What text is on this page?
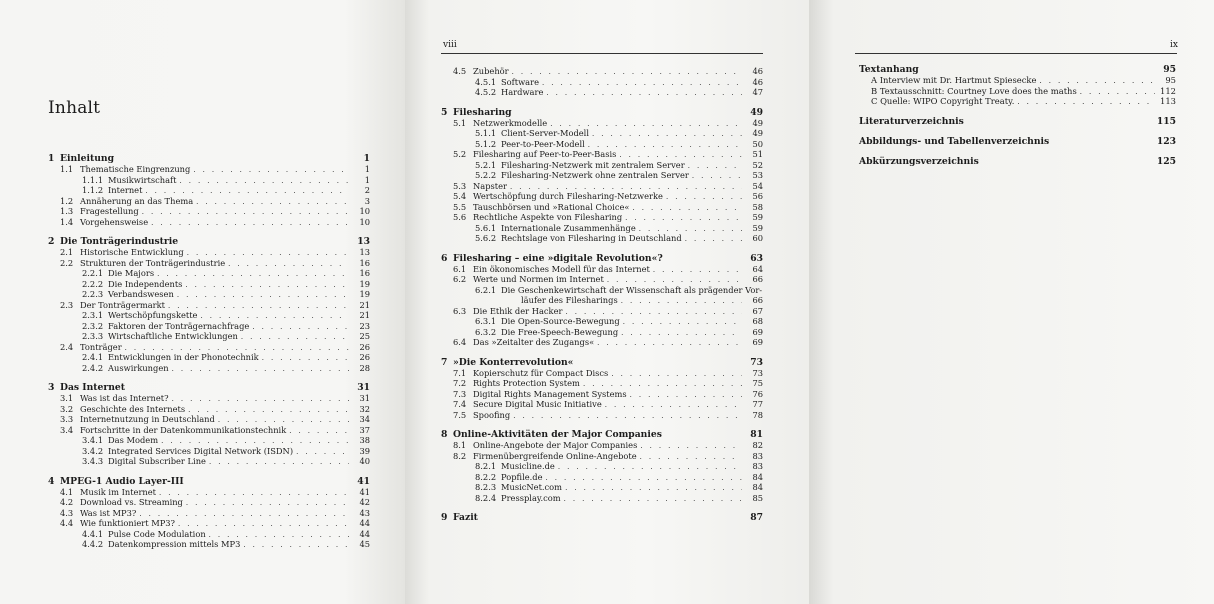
Inhalt
1 Einleitung	1
1.1 Thematische Eingrenzung . . .	1
1.1.1 Musikwirtschaft . . .	1
1.1.2 Internet . . .	2
1.2 Annäherung an das Thema . . .	3
1.3 Fragestellung . . .	10
1.4 Vorgehensweise . . .	10
2 Die Tonträgerindustrie	13
2.1 Historische Entwicklung . . .	13
2.2 Strukturen der Tonträgerindustrie . . .	16
2.2.1 Die Majors . . .	16
2.2.2 Die Independents . . .	19
2.2.3 Verbandswesen . . .	19
2.3 Der Tonträgermarkt . . .	21
2.3.1 Wertschöpfungskette . . .	21
2.3.2 Faktoren der Tonträgernachfrage . . .	23
2.3.3 Wirtschaftliche Entwicklungen . . .	25
2.4 Tonträger . . .	26
2.4.1 Entwicklungen in der Phonotechnik . . .	26
2.4.2 Auswirkungen . . .	28
3 Das Internet	31
3.1 Was ist das Internet? . . .	31
3.2 Geschichte des Internets . . .	32
3.3 Internetnutzung in Deutschland . . .	34
3.4 Fortschritte in der Datenkommunikationstechnik . . .	37
3.4.1 Das Modem . . .	38
3.4.2 Integrated Services Digital Network (ISDN) . . .	39
3.4.3 Digital Subscriber Line . . .	40
4 MPEG-1 Audio Layer-III	41
4.1 Musik im Internet . . .	41
4.2 Download vs. Streaming . . .	42
4.3 Was ist MP3? . . .	43
4.4 Wie funktioniert MP3? . . .	44
4.4.1 Pulse Code Modulation . . .	44
4.4.2 Datenkompression mittels MP3 . . .	45
viii
4.5 Zubehör . . .	46
4.5.1 Software . . .	46
4.5.2 Hardware . . .	47
5 Filesharing	49
5.1 Netzwerkmodelle . . .	49
5.1.1 Client-Server-Modell . . .	49
5.1.2 Peer-to-Peer-Modell . . .	50
5.2 Filesharing auf Peer-to-Peer-Basis . . .	51
5.2.1 Filesharing-Netzwerk mit zentralem Server . . .	52
5.2.2 Filesharing-Netzwerk ohne zentralen Server . . .	53
5.3 Napster . . .	54
5.4 Wertschöpfung durch Filesharing-Netzwerke . . .	56
5.5 Tauschbörsen und »Rational Choice« . . .	58
5.6 Rechtliche Aspekte von Filesharing . . .	59
5.6.1 Internationale Zusammenhänge . . .	59
5.6.2 Rechtslage von Filesharing in Deutschland . . .	60
6 Filesharing – eine »digitale Revolution«?	63
6.1 Ein ökonomisches Modell für das Internet . . .	64
6.2 Werte und Normen im Internet . . .	66
6.2.1 Die Geschenkewirtschaft der Wissenschaft als prägender Vor-
läufer des Filesharings . . .	66
6.3 Die Ethik der Hacker . . .	67
6.3.1 Die Open-Source-Bewegung . . .	68
6.3.2 Die Free-Speech-Bewegung . . .	69
6.4 Das »Zeitalter des Zugangs« . . .	69
7 »Die Konterrevolution«	73
7.1 Kopierschutz für Compact Discs . . .	73
7.2 Rights Protection System . . .	75
7.3 Digital Rights Management Systems . . .	76
7.4 Secure Digital Music Initiative . . .	77
7.5 Spoofing . . .	78
8 Online-Aktivitäten der Major Companies	81
8.1 Online-Angebote der Major Companies . . .	82
8.2 Firmenübergreifende Online-Angebote . . .	83
8.2.1 Musicline.de . . .	83
8.2.2 Popfile.de . . .	84
8.2.3 MusicNet.com . . .	84
8.2.4 Pressplay.com . . .	85
9 Fazit	87
ix
Textanhang	95
A Interview mit Dr. Hartmut Spiesecke . . .	95
B Textausschnitt: Courtney Love does the maths . . .	112
C Quelle: WIPO Copyright Treaty. . . .	113
Literaturverzeichnis	115
Abbildungs- und Tabellenverzeichnis	123
Abkürzungsverzeichnis	125
